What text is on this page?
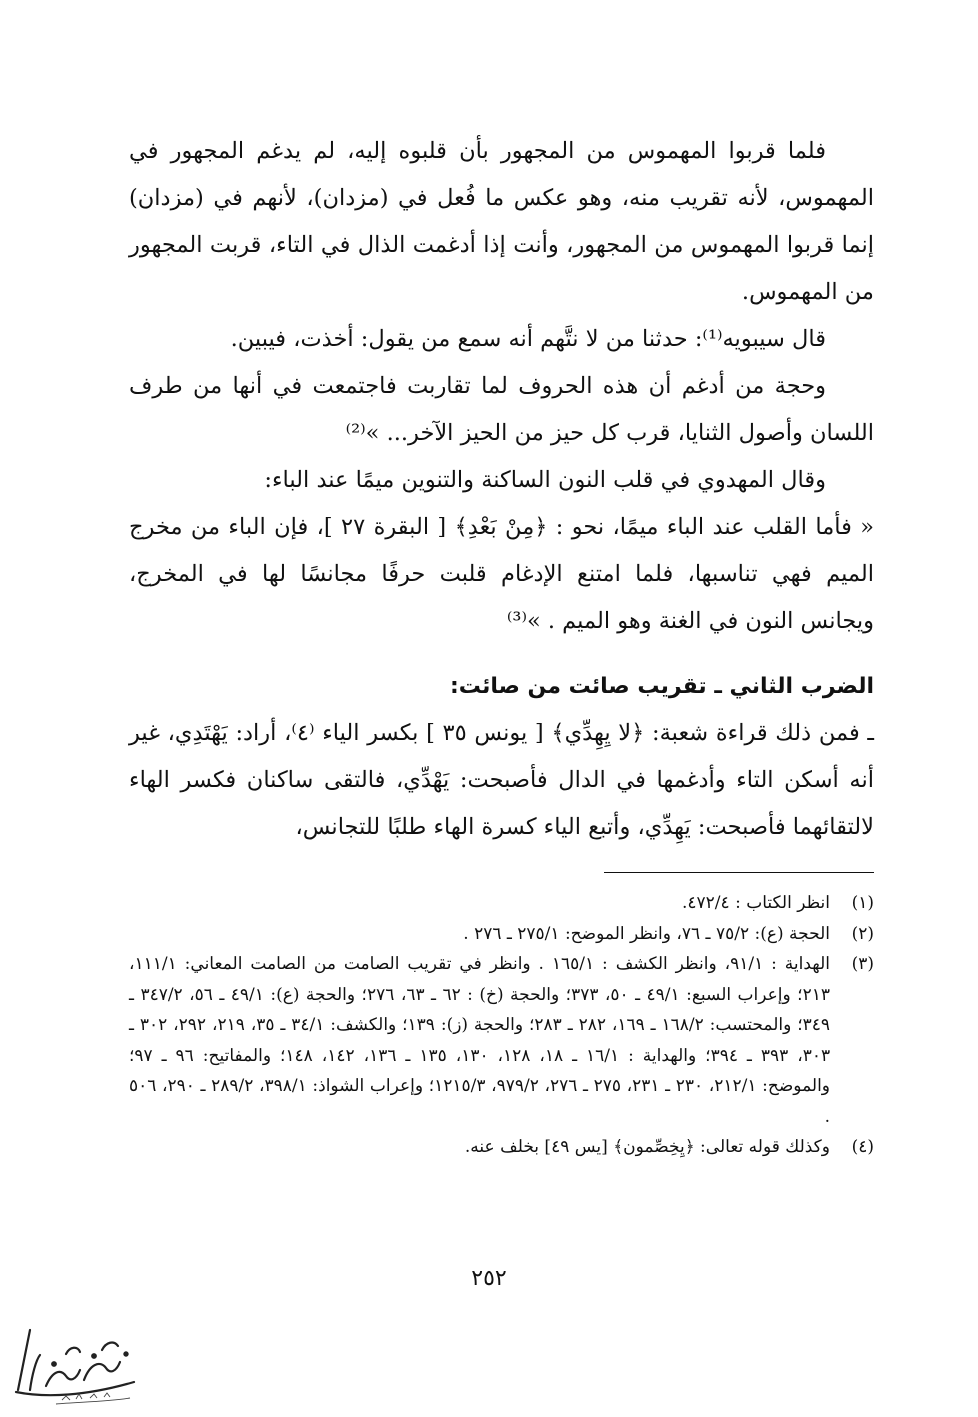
فلما قربوا المهموس من المجهور بأن قلبوه إليه، لم يدغم المجهور في المهموس، لأنه تقريب منه، وهو عكس ما فُعل في (مزدان)، لأنهم في (مزدان) إنما قربوا المهموس من المجهور، وأنت إذا أدغمت الذال في التاء، قربت المجهور من المهموس.

قال سيبويه⁽¹⁾: حدثنا من لا نتَّهم أنه سمع من يقول: أخذت، فيبين.

وحجة من أدغم أن هذه الحروف لما تقاربت فاجتمعت في أنها من طرف اللسان وأصول الثنايا، قرب كل حيز من الحيز الآخر... »⁽²⁾

وقال المهدوي في قلب النون الساكنة والتنوين ميمًا عند الباء:

« فأما القلب عند الباء ميمًا، نحو : ﴿مِنْ بَعْدِ﴾ [ البقرة ٢٧ ]، فإن الباء من مخرج الميم فهي تناسبها، فلما امتنع الإدغام قلبت حرفًا مجانسًا لها في المخرج، ويجانس النون في الغنة وهو الميم . »⁽³⁾

الضرب الثاني ـ تقريب صائت من صائت:

ـ فمن ذلك قراءة شعبة: ﴿لا يِهِدِّي﴾ [ يونس ٣٥ ] بكسر الياء ⁽٤⁾، أراد: يَهْتَدِي، غير أنه أسكن التاء وأدغمها في الدال فأصبحت: يَهْدِّي، فالتقى ساكنان فكسر الهاء لالتقائهما فأصبحت: يَهِدِّي، وأتبع الياء كسرة الهاء طلبًا للتجانس،

(١)
انظر الكتاب : ٤٧٢/٤.
(٢)
الحجة (ع): ٧٥/٢ ـ ٧٦، وانظر الموضح: ٢٧٥/١ ـ ٢٧٦ .
(٣)
الهداية : ٩١/١، وانظر الكشف : ١٦٥/١ . وانظر في تقريب الصامت من الصامت المعاني: ١١١/١، ٢١٣؛ وإعراب السبع: ٤٩/١ ـ ٥٠، ٣٧٣؛ والحجة (خ) : ٦٢ ـ ٦٣، ٢٧٦؛ والحجة (ع): ٤٩/١ ـ ٥٦، ٣٤٧/٢ ـ ٣٤٩؛ والمحتسب: ١٦٨/٢ ـ ١٦٩، ٢٨٢ ـ ٢٨٣؛ والحجة (ز): ١٣٩؛ والكشف: ٣٤/١ ـ ٣٥، ٢١٩، ٢٩٢، ٣٠٢ ـ ٣٠٣، ٣٩٣ ـ ٣٩٤؛ والهداية : ١٦/١ ـ ١٨، ١٢٨، ١٣٠، ١٣٥ ـ ١٣٦، ١٤٢، ١٤٨؛ والمفاتيح: ٩٦ ـ ٩٧؛ والموضح: ٢١٢/١، ٢٣٠ ـ ٢٣١، ٢٧٥ ـ ٢٧٦، ٩٧٩/٢، ١٢١٥/٣؛ وإعراب الشواذ: ٣٩٨/١، ٢٨٩/٢ ـ ٢٩٠، ٥٠٦ .
(٤)
وكذلك قوله تعالى: ﴿يِخِصِّمون﴾ [يس ٤٩] بخلف عنه.
٢٥٢
